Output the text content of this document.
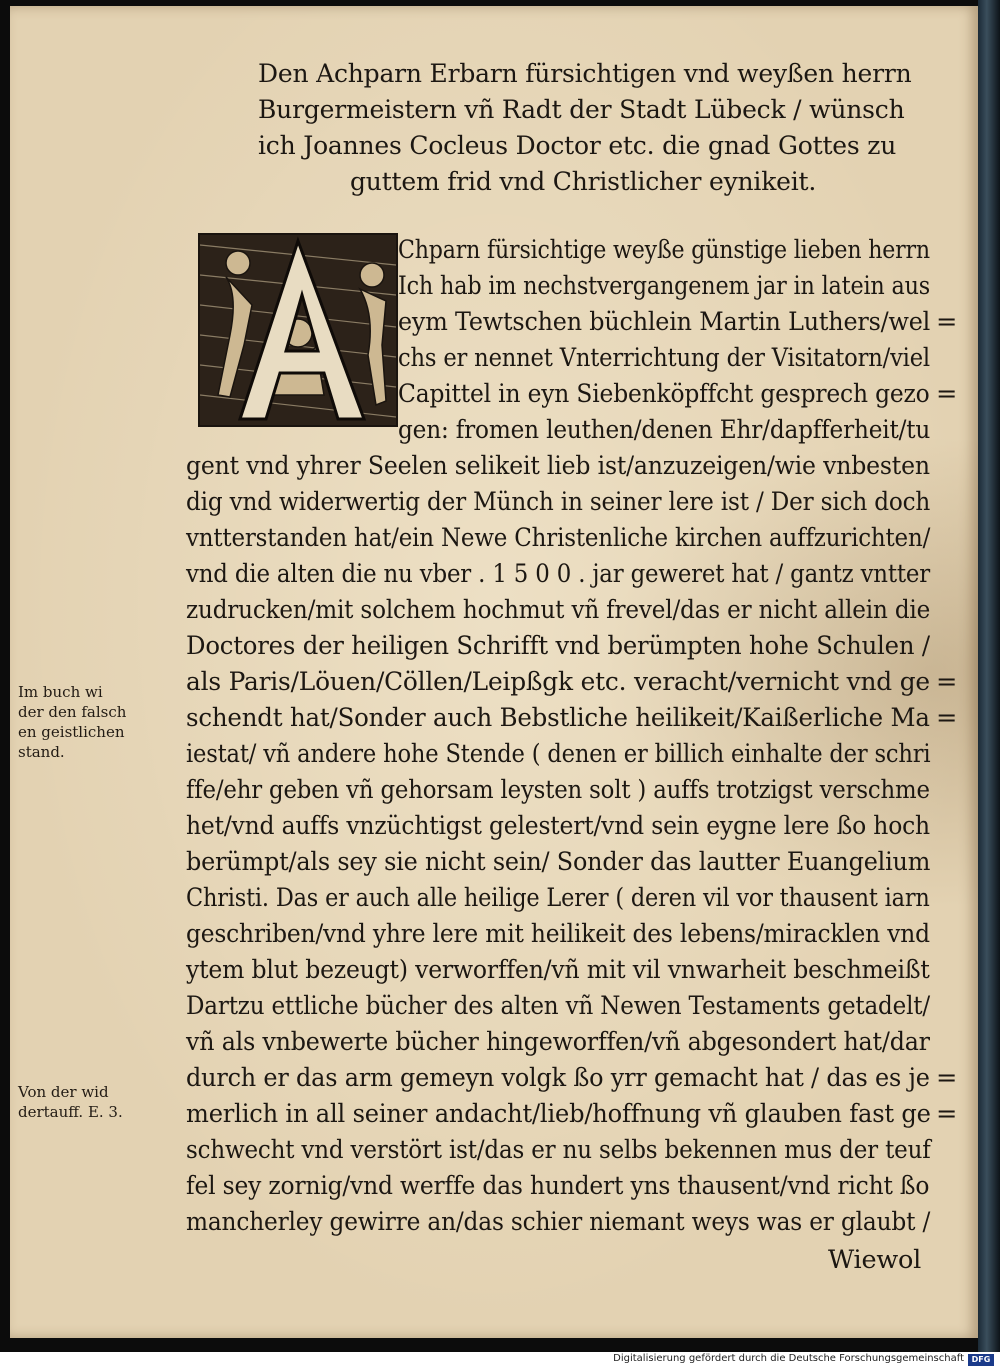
Den Achparn Erbarn fürsichtigen vnd weyßen herrn
Burgermeistern vñ Radt der Stadt Lübeck / wünsch
ich Joannes Cocleus Doctor etc. die gnad Gottes zu
guttem frid vnd Christlicher eynikeit.
Chparn fürsichtige weyße günstige lieben herrn
Ich hab im nechstvergangenem jar in latein aus
eym Tewtschen büchlein Martin Luthers/wel
chs er nennet Vnterrichtung der Visitatorn/viel
Capittel in eyn Siebenköpffcht gesprech gezo
gen: fromen leuthen/denen Ehr/dapfferheit/tu
gent vnd yhrer Seelen selikeit lieb ist/anzuzeigen/wie vnbesten
dig vnd widerwertig der Münch in seiner lere ist / Der sich doch
vntterstanden hat/ein Newe Christenliche kirchen auffzurichten/
vnd die alten die nu vber . 1 5 0 0 . jar geweret hat / gantz vntter
zudrucken/mit solchem hochmut vñ frevel/das er nicht allein die
Doctores der heiligen Schrifft vnd berümpten hohe Schulen /
als Paris/Löuen/Cöllen/Leipßgk etc. veracht/vernicht vnd ge
schendt hat/Sonder auch Bebstliche heilikeit/Kaißerliche Ma
iestat/ vñ andere hohe Stende ( denen er billich einhalte der schri
ffe/ehr geben vñ gehorsam leysten solt ) auffs trotzigst verschme
het/vnd auffs vnzüchtigst gelestert/vnd sein eygne lere ßo hoch
berümpt/als sey sie nicht sein/ Sonder das lautter Euangelium
Christi. Das er auch alle heilige Lerer ( deren vil vor thausent iarn
geschriben/vnd yhre lere mit heilikeit des lebens/miracklen vnd
ytem blut bezeugt) verworffen/vñ mit vil vnwarheit beschmeißt
Dartzu ettliche bücher des alten vñ Newen Testaments getadelt/
vñ als vnbewerte bücher hingeworffen/vñ abgesondert hat/dar
durch er das arm gemeyn volgk ßo yrr gemacht hat / das es je
merlich in all seiner andacht/lieb/hoffnung vñ glauben fast ge
schwecht vnd verstört ist/das er nu selbs bekennen mus der teuf
fel sey zornig/vnd werffe das hundert yns thausent/vnd richt ßo
mancherley gewirre an/das schier niemant weys was er glaubt /
=
=
=
=
=
=
Wiewol
Im buch wi
der den falsch
en geistlichen
stand.
Von der wid
dertauff. E. 3.
Digitalisierung gefördert durch die Deutsche Forschungsgemeinschaft DFG
